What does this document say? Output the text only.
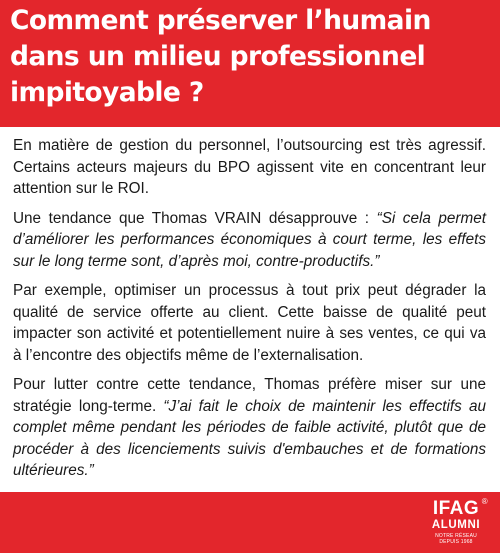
Comment préserver l’humain
dans un milieu professionnel
impitoyable ?

En matière de gestion du personnel, l’outsourcing est très agressif. Certains acteurs majeurs du BPO agissent vite en concentrant leur attention sur le ROI.

Une tendance que Thomas VRAIN désapprouve : “Si cela permet d’améliorer les performances économiques à court terme, les effets sur le long terme sont, d’après moi, contre-productifs.”

Par exemple, optimiser un processus à tout prix peut dégrader la qualité de service offerte au client. Cette baisse de qualité peut impacter son activité et potentiellement nuire à ses ventes, ce qui va à l’encontre des objectifs même de l’externalisation.

Pour lutter contre cette tendance, Thomas préfère miser sur une stratégie long-terme. “J’ai fait le choix de maintenir les effectifs au complet même pendant les périodes de faible activité, plutôt que de procéder à des licenciements suivis d'embauches et de formations ultérieures.”

IFAG ®
ALUMNI
NOTRE RÉSEAU
DEPUIS 1968
